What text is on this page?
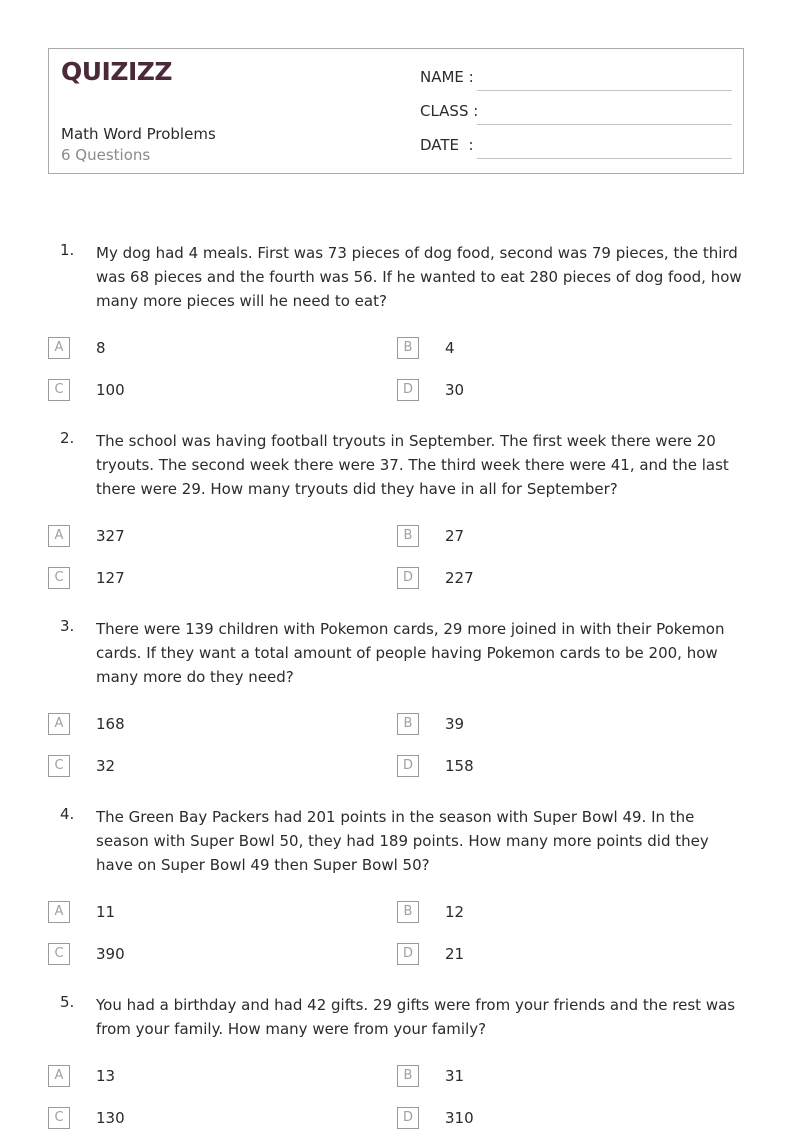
QUIZIZZ
Math Word Problems
6 Questions
NAME :
CLASS :
DATE  :
1. My dog had 4 meals. First was 73 pieces of dog food, second was 79 pieces, the third was 68 pieces and the fourth was 56. If he wanted to eat 280 pieces of dog food, how many more pieces will he need to eat?
A	8	B	4
C	100	D	30
2. The school was having football tryouts in September. The first week there were 20 tryouts. The second week there were 37. The third week there were 41, and the last there were 29. How many tryouts did they have in all for September?
A	327	B	27
C	127	D	227
3. There were 139 children with Pokemon cards, 29 more joined in with their Pokemon cards. If they want a total amount of people having Pokemon cards to be 200, how many more do they need?
A	168	B	39
C	32	D	158
4. The Green Bay Packers had 201 points in the season with Super Bowl 49. In the season with Super Bowl 50, they had 189 points. How many more points did they have on Super Bowl 49 then Super Bowl 50?
A	11	B	12
C	390	D	21
5. You had a birthday and had 42 gifts. 29 gifts were from your friends and the rest was from your family. How many were from your family?
A	13	B	31
C	130	D	310
